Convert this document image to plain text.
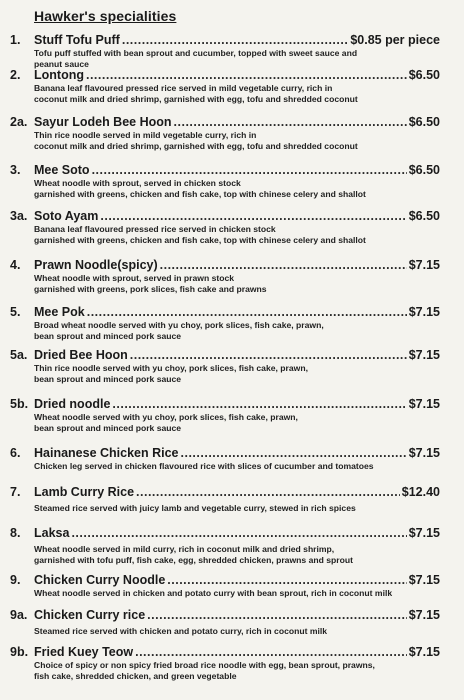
Hawker's specialities
1.	Stuff Tofu Puff .....	$0.85 per piece
Tofu puff stuffed with bean sprout and cucumber, topped with sweet sauce and
peanut sauce
2.	Lontong .....	$6.50
Banana leaf flavoured pressed rice served in mild vegetable curry, rich in
coconut milk and dried shrimp, garnished with egg, tofu and shredded coconut
2a. Sayur Lodeh Bee Hoon .....	$6.50
Thin rice noodle served in mild vegetable curry, rich in
coconut milk and dried shrimp, garnished with egg, tofu and shredded coconut
3.	Mee Soto .....	$6.50
Wheat noodle with sprout, served in chicken stock
garnished with greens, chicken and fish cake, top with chinese celery and shallot
3a. Soto Ayam .....	$6.50
Banana leaf flavoured pressed rice served in chicken stock
garnished with greens, chicken and fish cake, top with chinese celery and shallot
4.	Prawn Noodle(spicy) .....	$7.15
Wheat noodle with sprout, served in prawn stock
garnished with greens, pork slices, fish cake and prawns
5.	Mee Pok .....	$7.15
Broad wheat noodle served with yu choy, pork slices, fish cake, prawn,
bean sprout and minced pork sauce
5a. Dried Bee Hoon .....	$7.15
Thin rice noodle served with yu choy, pork slices, fish cake, prawn,
bean sprout and minced pork sauce
5b. Dried noodle .....	$7.15
Wheat noodle served with yu choy, pork slices, fish cake, prawn,
bean sprout and minced pork sauce
6.	Hainanese Chicken Rice .....	$7.15
Chicken leg served in chicken flavoured rice with slices of cucumber and tomatoes
7.	Lamb Curry Rice .....	$12.40
Steamed rice served with juicy lamb and vegetable curry, stewed in rich spices
8.	Laksa .....	$7.15
Wheat noodle served in mild curry, rich in coconut milk and dried shrimp,
garnished with tofu puff, fish cake, egg, shredded chicken, prawns and sprout
9.	Chicken Curry Noodle .....	$7.15
Wheat noodle served in chicken and potato curry with bean sprout, rich in coconut milk
9a. Chicken Curry rice .....	$7.15
Steamed rice served with chicken and potato curry, rich in coconut milk
9b. Fried Kuey Teow .....	$7.15
Choice of spicy or non spicy fried broad rice noodle with egg, bean sprout, prawns,
fish cake, shredded chicken, and green vegetable
